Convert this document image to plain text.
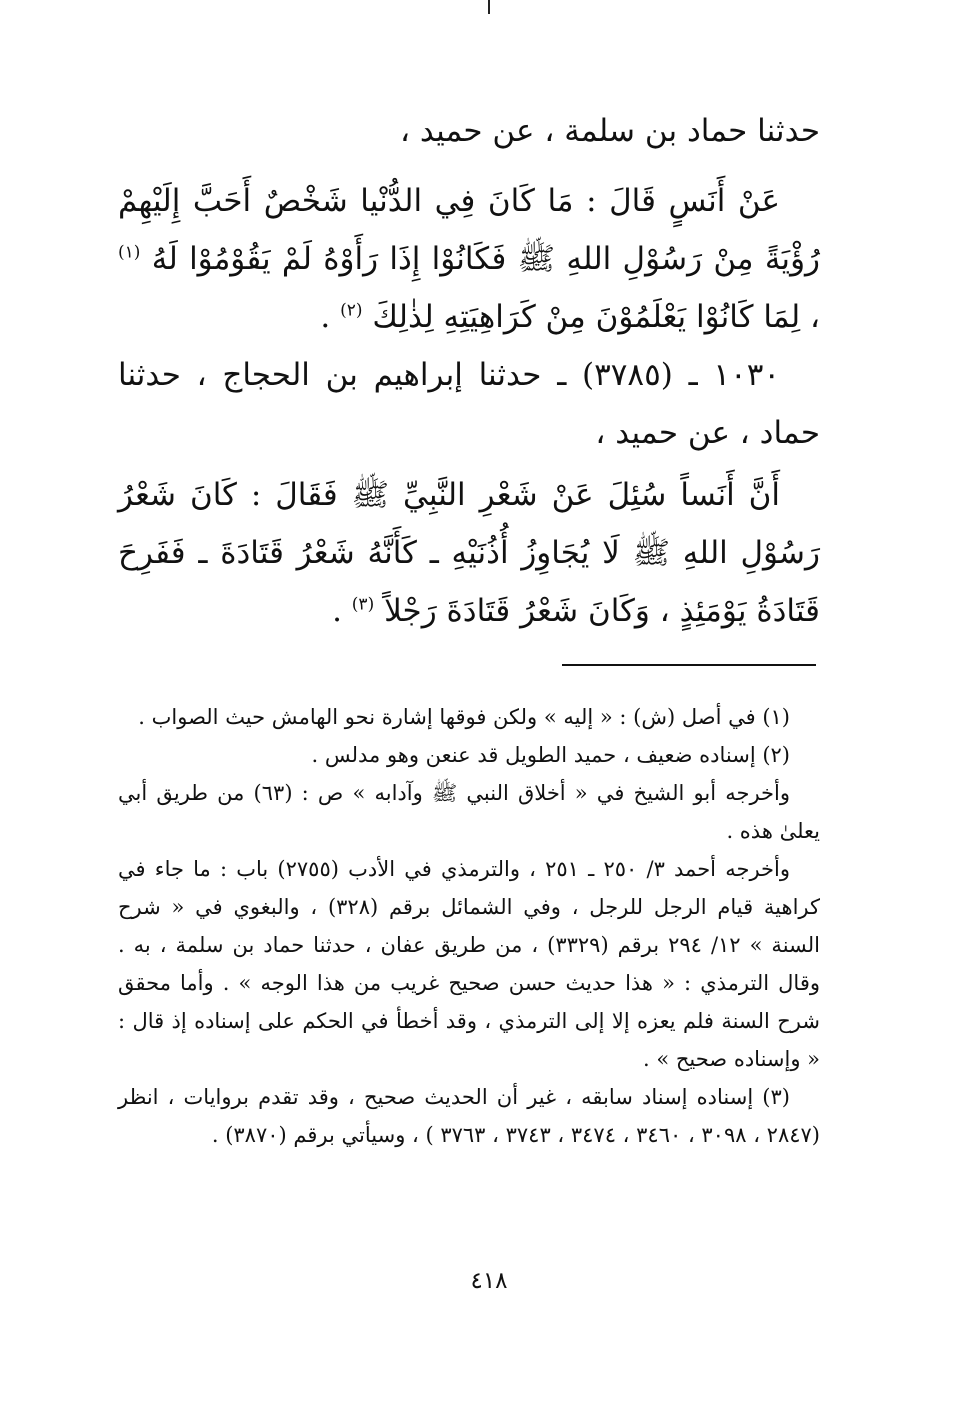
حدثنا حماد بن سلمة ، عن حميد ،
عَنْ أَنَسٍ قَالَ : مَا كَانَ فِي الدُّنْيا شَخْصٌ أَحَبَّ إِلَيْهِمْ رُؤْيَةً مِنْ رَسُوْلِ اللهِ ﷺ فَكَانُوْا إِذَا رَأَوْهُ لَمْ يَقُوْمُوْا لَهُ $^{(١)}$ ، لِمَا كَانُوْا يَعْلَمُوْنَ مِنْ كَرَاهِيَتِهِ لِذٰلِكَ $^{(٢)}$ .
١٠٣٠ ـ (٣٧٨٥) ـ حدثنا إبراهيم بن الحجاج ، حدثنا حماد ، عن حميد ،
أَنَّ أَنَساً سُئِلَ عَنْ شَعْرِ النَّبِيِّ ﷺ فَقَالَ : كَانَ شَعْرُ رَسُوْلِ اللهِ ﷺ لَا يُجَاوِزُ أُذُنَيْهِ ـ كَأَنَّهُ شَعْرُ قَتَادَةَ ـ فَفَرِحَ قَتَادَةُ يَوْمَئِذٍ ، وَكَانَ شَعْرُ قَتَادَةَ رَجْلاً $^{(٣)}$ .

(١) في أصل (ش) : « إليه » ولكن فوقها إشارة نحو الهامش حيث الصواب .

(٢) إسناده ضعيف ، حميد الطويل قد عنعن وهو مدلس .

وأخرجه أبو الشيخ في « أخلاق النبي ﷺ وآدابه » ص : (٦٣) من طريق أبي يعلىٰ هذه .

وأخرجه أحمد ٣/ ٢٥٠ ـ ٢٥١ ، والترمذي في الأدب (٢٧٥٥) باب : ما جاء في كراهية قيام الرجل للرجل ، وفي الشمائل برقم (٣٢٨) ، والبغوي في « شرح السنة » ١٢/ ٢٩٤ برقم (٣٣٢٩) ، من طريق عفان ، حدثنا حماد بن سلمة ، به . وقال الترمذي : « هذا حديث حسن صحيح غريب من هذا الوجه » . وأما محقق شرح السنة فلم يعزه إلا إلى الترمذي ، وقد أخطأ في الحكم على إسناده إذ قال : « وإسناده صحيح » .

(٣) إسناده إسناد سابقه ، غير أن الحديث صحيح ، وقد تقدم بروايات ، انظر (٢٨٤٧ ، ٣٠٩٨ ، ٣٤٦٠ ، ٣٤٧٤ ، ٣٧٤٣ ، ٣٧٦٣ ) ، وسيأتي برقم (٣٨٧٠) .

٤١٨
